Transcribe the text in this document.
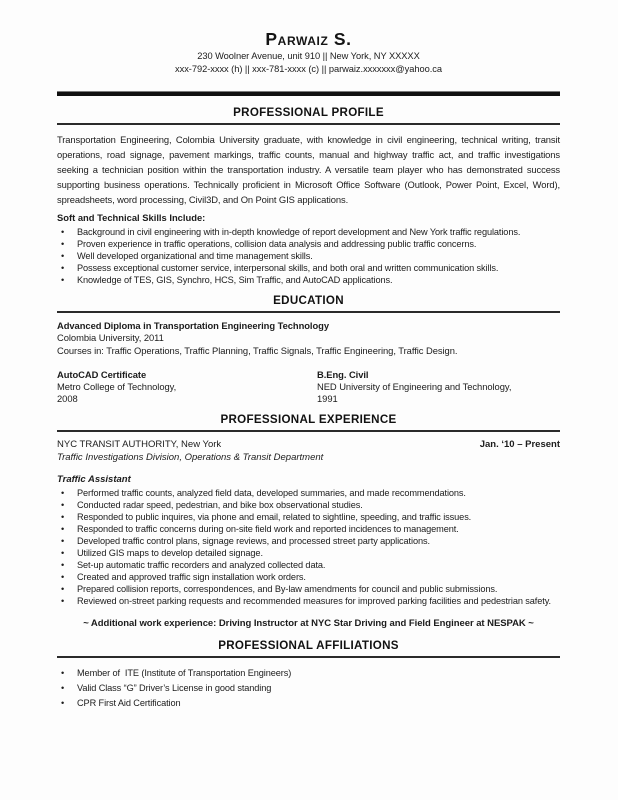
Parwaiz S.
230 Woolner Avenue, unit 910 || New York, NY XXXXX
xxx-792-xxxx (h) || xxx-781-xxxx (c) || parwaiz.xxxxxxx@yahoo.ca
PROFESSIONAL PROFILE

Transportation Engineering, Colombia University graduate, with knowledge in civil engineering, technical writing, transit operations, road signage, pavement markings, traffic counts, manual and highway traffic act, and traffic investigations seeking a technician position within the transportation industry. A versatile team player who has demonstrated success supporting business operations. Technically proficient in Microsoft Office Software (Outlook, Power Point, Excel, Word), spreadsheets, word processing, Civil3D, and On Point GIS applications.

Soft and Technical Skills Include:

• Background in civil engineering with in-depth knowledge of report development and New York traffic regulations.
• Proven experience in traffic operations, collision data analysis and addressing public traffic concerns.
• Well developed organizational and time management skills.
• Possess exceptional customer service, interpersonal skills, and both oral and written communication skills.
• Knowledge of TES, GIS, Synchro, HCS, Sim Traffic, and AutoCAD applications.
EDUCATION
Advanced Diploma in Transportation Engineering Technology
Colombia University, 2011
Courses in: Traffic Operations, Traffic Planning, Traffic Signals, Traffic Engineering, Traffic Design.
AutoCAD Certificate
Metro College of Technology,
2008
B.Eng. Civil
NED University of Engineering and Technology,
1991
PROFESSIONAL EXPERIENCE
NYC TRANSIT AUTHORITY, New York	Jan. ‘10 – Present
Traffic Investigations Division, Operations & Transit Department
Traffic Assistant
• Performed traffic counts, analyzed field data, developed summaries, and made recommendations.
• Conducted radar speed, pedestrian, and bike box observational studies.
• Responded to public inquires, via phone and email, related to sightline, speeding, and traffic issues.
• Responded to traffic concerns during on-site field work and reported incidences to management.
• Developed traffic control plans, signage reviews, and processed street party applications.
• Utilized GIS maps to develop detailed signage.
• Set-up automatic traffic recorders and analyzed collected data.
• Created and approved traffic sign installation work orders.
• Prepared collision reports, correspondences, and By-law amendments for council and public submissions.
• Reviewed on-street parking requests and recommended measures for improved parking facilities and pedestrian safety.

~ Additional work experience: Driving Instructor at NYC Star Driving and Field Engineer at NESPAK ~

PROFESSIONAL AFFILIATIONS
• Member of  ITE (Institute of Transportation Engineers)
• Valid Class “G” Driver’s License in good standing
• CPR First Aid Certification
